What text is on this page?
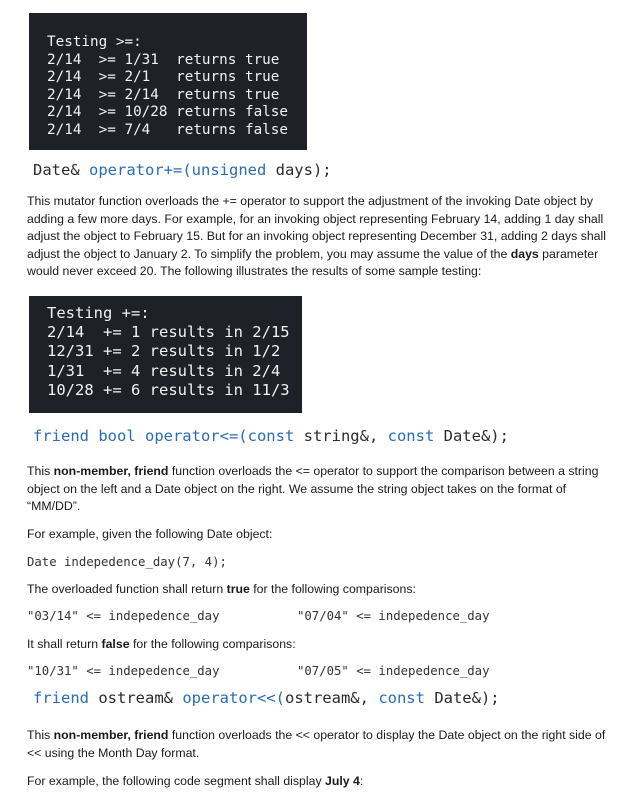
Testing >=:
2/14  >= 1/31  returns true
2/14  >= 2/1   returns true
2/14  >= 2/14  returns true
2/14  >= 10/28 returns false
2/14  >= 7/4   returns false
Date& operator+=(unsigned days);
This mutator function overloads the += operator to support the adjustment of the invoking Date object by adding a few more days. For example, for an invoking object representing February 14, adding 1 day shall adjust the object to February 15. But for an invoking object representing December 31, adding 2 days shall adjust the object to January 2. To simplify the problem, you may assume the value of the days parameter would never exceed 20. The following illustrates the results of some sample testing:
Testing +=:
2/14  += 1 results in 2/15
12/31 += 2 results in 1/2
1/31  += 4 results in 2/4
10/28 += 6 results in 11/3
friend bool operator<=(const string&, const Date&);
This non-member, friend function overloads the <= operator to support the comparison between a string object on the left and a Date object on the right. We assume the string object takes on the format of “MM/DD”.
For example, given the following Date object:
Date indepedence_day(7, 4);
The overloaded function shall return true for the following comparisons:
"03/14" <= indepedence_day	"07/04" <= indepedence_day
It shall return false for the following comparisons:
"10/31" <= indepedence_day	"07/05" <= indepedence_day
friend ostream& operator<<(ostream&, const Date&);
This non-member, friend function overloads the << operator to display the Date object on the right side of << using the Month Day format.
For example, the following code segment shall display July 4:
